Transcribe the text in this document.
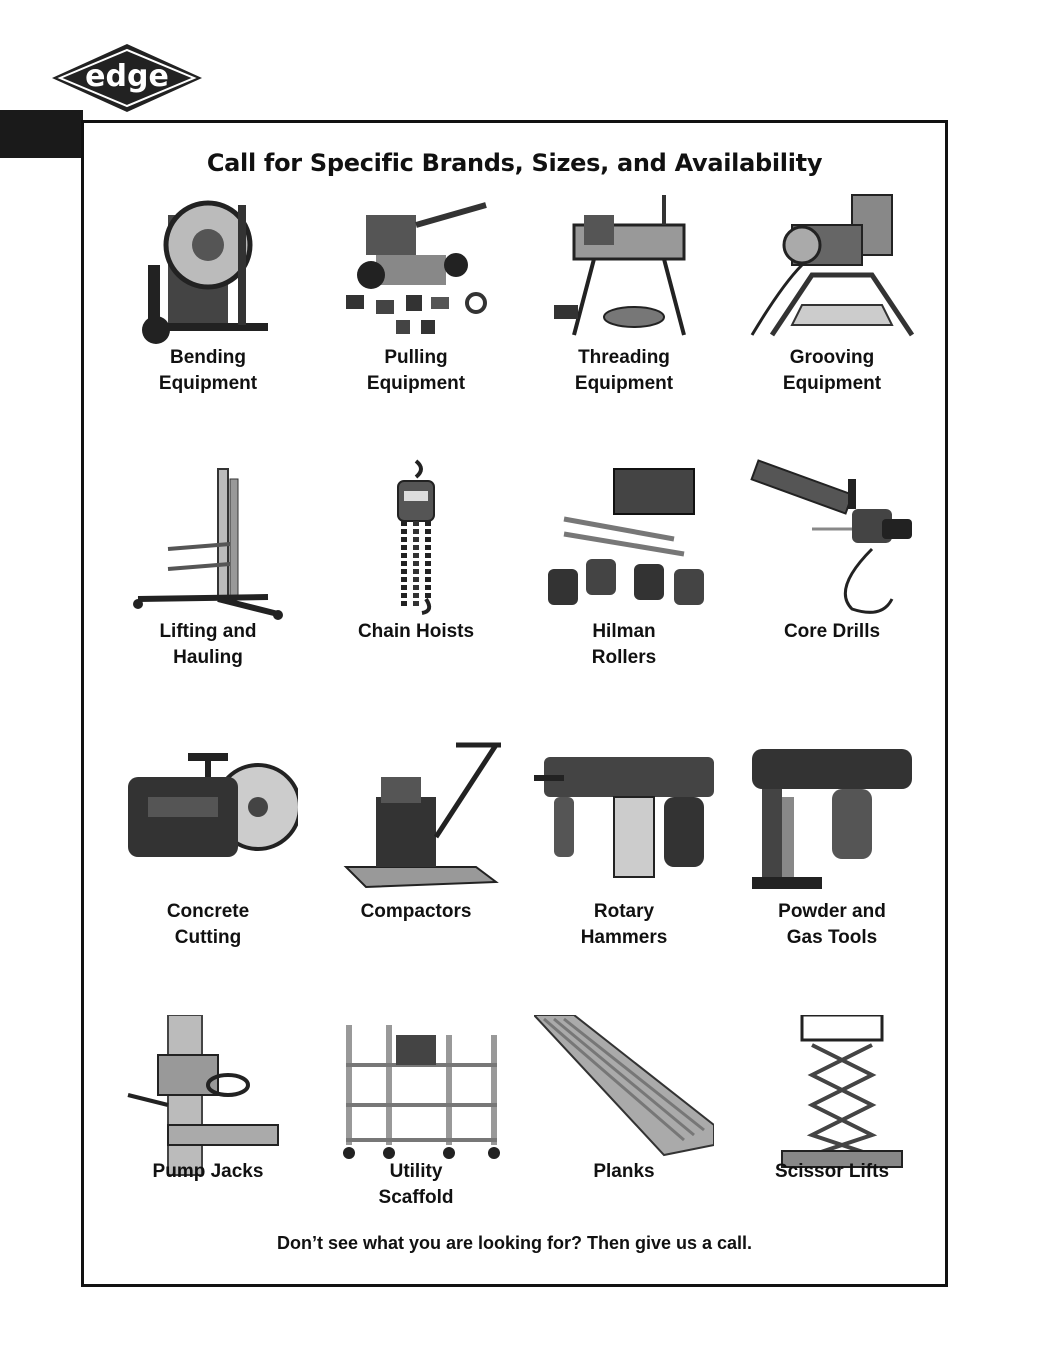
edge
Call for Specific Brands, Sizes, and Availability
Bending
Equipment
Pulling
Equipment
Threading
Equipment
Grooving
Equipment
Lifting and
Hauling
Chain Hoists	Hilman
Rollers
Core Drills
Concrete
Cutting
Compactors	Rotary
Hammers
Powder and
Gas Tools
Pump Jacks	Utility
Scaffold
Planks	Scissor Lifts
Don’t see what you are looking for? Then give us a call.
